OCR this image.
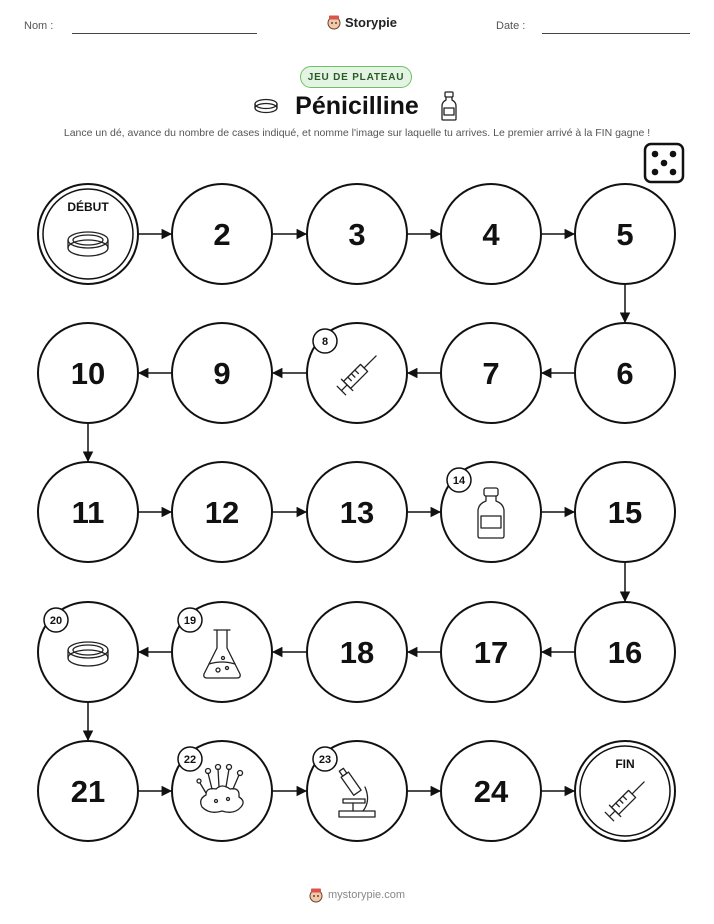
Nom :	Storypie	Date :
JEU DE PLATEAU
Pénicilline
Lance un dé, avance du nombre de cases indiqué, et nomme l'image sur laquelle tu arrives. Le premier arrivé à la FIN gagne !
DÉBUT
2	3	4	5
6
7
8
9
10
11	12	13
14
15
16
17
18
19
20
21
22	23
24
FIN
mystorypie.com
